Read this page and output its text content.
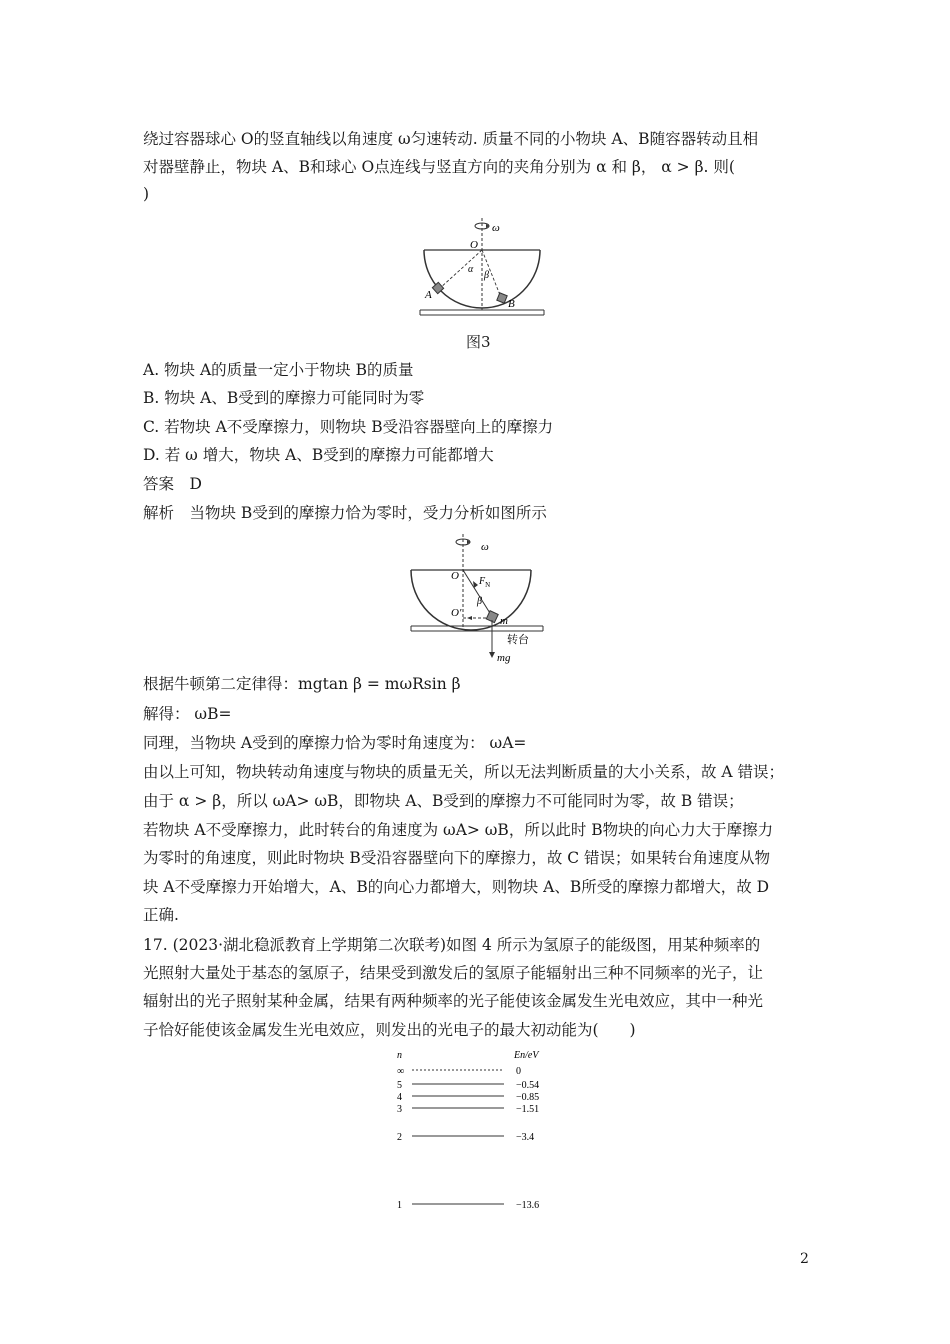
绕过容器球心 O的竖直轴线以角速度 ω匀速转动. 质量不同的小物块 A、B随容器转动且相
对器壁静止，物块 A、B和球心 O点连线与竖直方向的夹角分别为 α 和 β， α > β. 则(
)
ω
O
α
β
A
B
图3
A. 物块 A的质量一定小于物块 B的质量
B. 物块 A、B受到的摩擦力可能同时为零
C. 若物块 A不受摩擦力，则物块 B受沿容器壁向上的摩擦力
D. 若 ω 增大，物块 A、B受到的摩擦力可能都增大
答案　D
解析　当物块 B受到的摩擦力恰为零时，受力分析如图所示
ω
O $F_N$
O′
β
m
转台
mg
根据牛顿第二定律得：mgtan β = mωRsin β
解得： ωB=
同理，当物块 A受到的摩擦力恰为零时角速度为： ωA=
由以上可知，物块转动角速度与物块的质量无关，所以无法判断质量的大小关系，故 A 错误；
由于 α > β，所以 ωA> ωB，即物块 A、B受到的摩擦力不可能同时为零，故 B 错误；
若物块 A不受摩擦力，此时转台的角速度为 ωA> ωB，所以此时 B物块的向心力大于摩擦力
为零时的角速度，则此时物块 B受沿容器壁向下的摩擦力，故 C 错误；如果转台角速度从物
块 A不受摩擦力开始增大，A、B的向心力都增大，则物块 A、B所受的摩擦力都增大，故 D
正确.
17. (2023·湖北稳派教育上学期第二次联考)如图 4 所示为氢原子的能级图，用某种频率的
光照射大量处于基态的氢原子，结果受到激发后的氢原子能辐射出三种不同频率的光子，让
辐射出的光子照射某种金属，结果有两种频率的光子能使该金属发生光电效应，其中一种光
子恰好能使该金属发生光电效应，则发出的光电子的最大初动能为(　　)
n	En/eV
∞	0
5	−0.54
4	−0.85
3	−1.51
2	−3.4
1	−13.6
2
